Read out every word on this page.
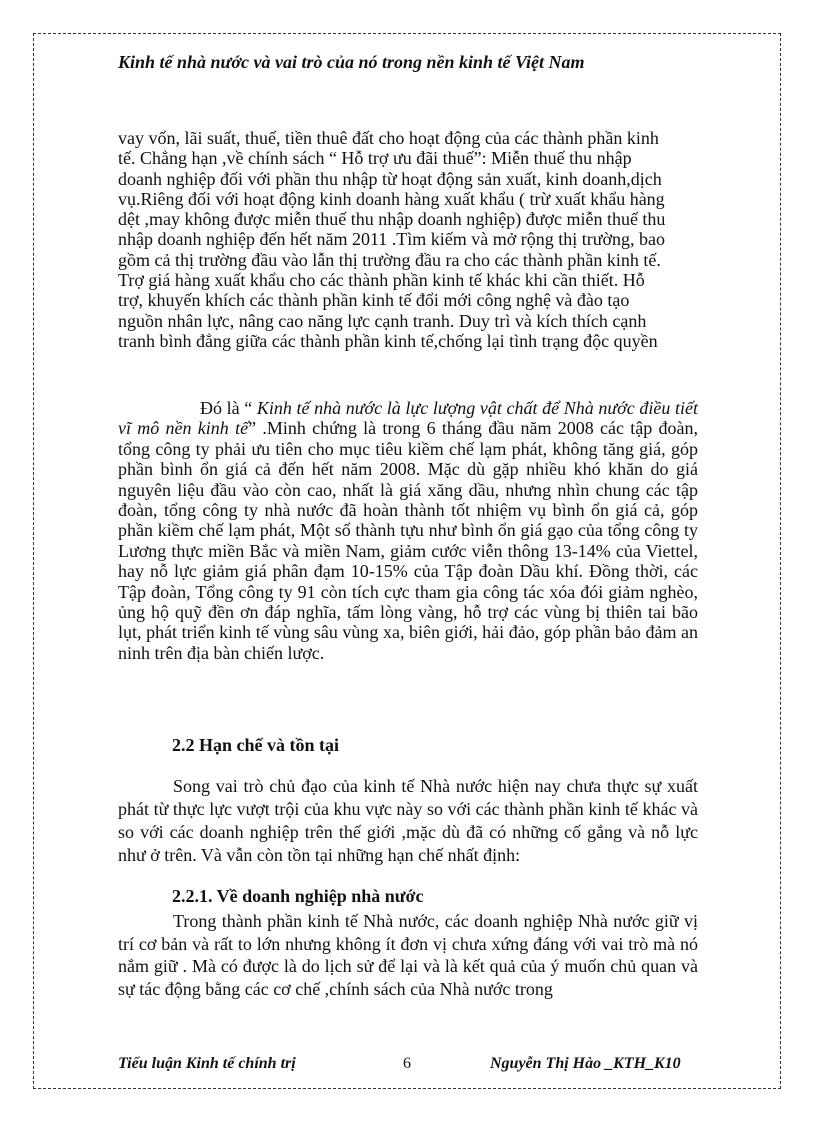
Kinh tế nhà nước và vai trò của nó trong nền kinh tế Việt Nam
vay vốn, lãi suất, thuế, tiền thuê đất cho hoạt động của các thành phần kinh
tế. Chẳng hạn ,về chính sách “ Hỗ trợ ưu đãi thuế”: Miễn thuế thu nhập
doanh nghiệp đối với phần thu nhập từ hoạt động sản xuất, kinh doanh,dịch
vụ.Riêng đối với hoạt động kinh doanh hàng xuất khẩu ( trừ xuất khẩu hàng
dệt ,may không được miễn thuế thu nhập doanh nghiệp) được miễn thuế thu
nhập doanh nghiệp đến hết năm 2011 .Tìm kiếm và mở rộng thị trường, bao
gồm cả thị trường đầu vào lẫn thị trường đầu ra cho các thành phần kinh tế.
Trợ giá hàng xuất khẩu cho các thành phần kinh tế khác khi cần thiết. Hỗ
trợ, khuyến khích các thành phần kinh tế đổi mới công nghệ và đào tạo
nguồn nhân lực, nâng cao năng lực cạnh tranh. Duy trì và kích thích cạnh
tranh bình đẳng giữa các thành phần kinh tế,chống lại tình trạng độc quyền

Đó là “ Kinh tế nhà nước là lực lượng vật chất để Nhà nước điều tiết vĩ mô nền kinh tế” .Minh chứng là trong 6 tháng đầu năm 2008 các tập đoàn, tổng công ty phải ưu tiên cho mục tiêu kiềm chế lạm phát, không tăng giá, góp phần bình ổn giá cả đến hết năm 2008. Mặc dù gặp nhiều khó khăn do giá nguyên liệu đầu vào còn cao, nhất là giá xăng dầu, nhưng nhìn chung các tập đoàn, tổng công ty nhà nước đã hoàn thành tốt nhiệm vụ bình ổn giá cả, góp phần kiềm chế lạm phát, Một số thành tựu như bình ổn giá gạo của tổng công ty Lương thực miền Bắc và miền Nam, giảm cước viễn thông 13-14% của Viettel, hay nỗ lực giảm giá phân đạm 10-15% của Tập đoàn Dầu khí. Đồng thời, các Tập đoàn, Tổng công ty 91 còn tích cực tham gia công tác xóa đói giảm nghèo, ủng hộ quỹ đền ơn đáp nghĩa, tấm lòng vàng, hỗ trợ các vùng bị thiên tai bão lụt, phát triển kinh tế vùng sâu vùng xa, biên giới, hải đảo, góp phần bảo đảm an ninh trên địa bàn chiến lược.

2.2 Hạn chế và tồn tại

Song vai trò chủ đạo của kinh tế Nhà nước hiện nay chưa thực sự xuất phát từ thực lực vượt trội của khu vực này so với các thành phần kinh tế khác và so với các doanh nghiệp trên thế giới ,mặc dù đã có những cố gắng và nỗ lực như ở trên. Và vẫn còn tồn tại những hạn chế nhất định:

2.2.1. Về doanh nghiệp nhà nước

Trong thành phần kinh tế Nhà nước, các doanh nghiệp Nhà nước giữ vị trí cơ bản và rất to lớn nhưng không ít đơn vị chưa xứng đáng với vai trò mà nó nắm giữ . Mà có được là do lịch sử để lại và là kết quả của ý muốn chủ quan và sự tác động bằng các cơ chế ,chính sách của Nhà nước trong

Tiểu luận Kinh tế chính trị	6	Nguyễn Thị Hào _KTH_K10
